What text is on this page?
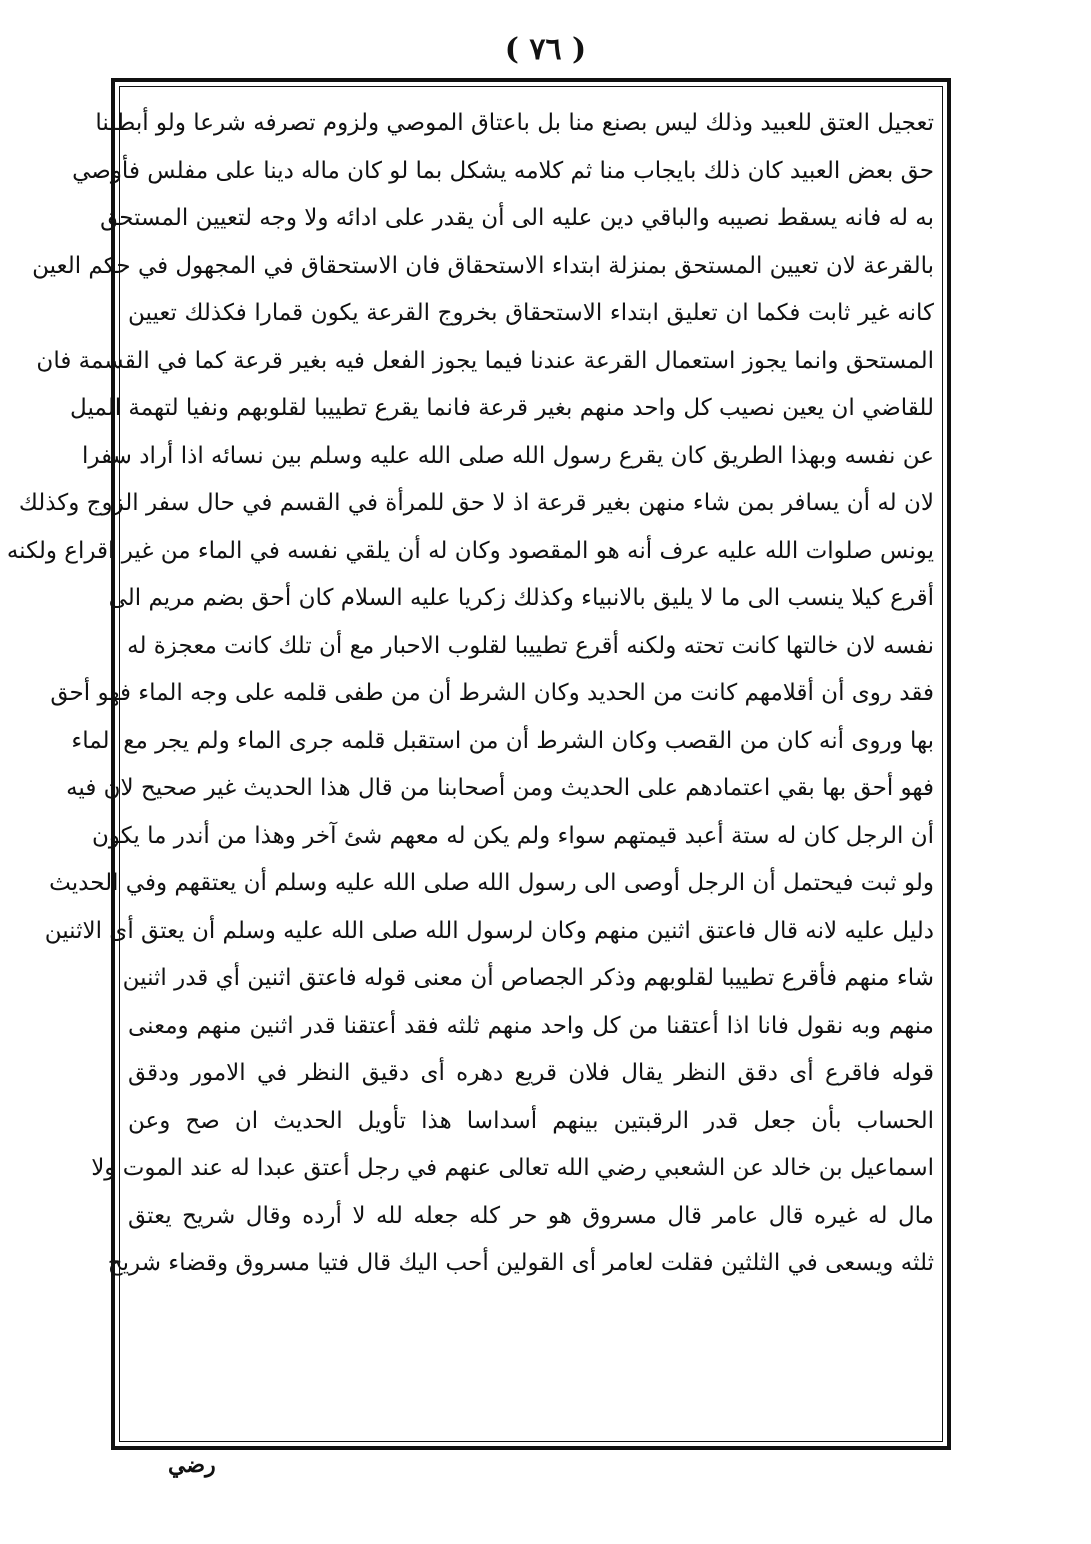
( ٧٦ )
تعجيل العتق للعبيد وذلك ليس بصنع منا بل باعتاق الموصي ولزوم تصرفه شرعا ولو أبطلنا
حق بعض العبيد كان ذلك بايجاب منا ثم كلامه يشكل بما لو كان ماله دينا على مفلس فأوصي
به له فانه يسقط نصيبه والباقي دين عليه الى أن يقدر على ادائه ولا وجه لتعيين المستحق
بالقرعة لان تعيين المستحق بمنزلة ابتداء الاستحقاق فان الاستحقاق في المجهول في حكم العين
كانه غير ثابت فكما ان تعليق ابتداء الاستحقاق بخروج القرعة يكون قمارا فكذلك تعيين
المستحق وانما يجوز استعمال القرعة عندنا فيما يجوز الفعل فيه بغير قرعة كما في القسمة فان
للقاضي ان يعين نصيب كل واحد منهم بغير قرعة فانما يقرع تطييبا لقلوبهم ونفيا لتهمة الميل
عن نفسه وبهذا الطريق كان يقرع رسول الله صلى الله عليه وسلم بين نسائه اذا أراد سفرا
لان له أن يسافر بمن شاء منهن بغير قرعة اذ لا حق للمرأة في القسم في حال سفر الزوج وكذلك
يونس صلوات الله عليه عرف أنه هو المقصود وكان له أن يلقي نفسه في الماء من غير اقراع ولكنه
أقرع كيلا ينسب الى ما لا يليق بالانبياء وكذلك زكريا عليه السلام كان أحق بضم مريم الى
نفسه لان خالتها كانت تحته ولكنه أقرع تطييبا لقلوب الاحبار مع أن تلك كانت معجزة له
فقد روى أن أقلامهم كانت من الحديد وكان الشرط أن من طفى قلمه على وجه الماء فهو أحق
بها وروى أنه كان من القصب وكان الشرط أن من استقبل قلمه جرى الماء ولم يجر مع الماء
فهو أحق بها بقي اعتمادهم على الحديث ومن أصحابنا من قال هذا الحديث غير صحيح لان فيه
أن الرجل كان له ستة أعبد قيمتهم سواء ولم يكن له معهم شئ آخر وهذا من أندر ما يكون
ولو ثبت فيحتمل أن الرجل أوصى الى رسول الله صلى الله عليه وسلم أن يعتقهم وفي الحديث
دليل عليه لانه قال فاعتق اثنين منهم وكان لرسول الله صلى الله عليه وسلم أن يعتق أى الاثنين
شاء منهم فأقرع تطييبا لقلوبهم وذكر الجصاص أن معنى قوله فاعتق اثنين أي قدر اثنين
منهم وبه نقول فانا اذا أعتقنا من كل واحد منهم ثلثه فقد أعتقنا قدر اثنين منهم ومعنى
قوله فاقرع أى دقق النظر يقال فلان قريع دهره أى دقيق النظر في الامور ودقق
الحساب بأن جعل قدر الرقبتين بينهم أسداسا هذا تأويل الحديث ان صح وعن
اسماعيل بن خالد عن الشعبي رضي الله تعالى عنهم في رجل أعتق عبدا له عند الموت ولا
مال له غيره قال عامر قال مسروق هو حر كله جعله لله لا أرده وقال شريح يعتق
ثلثه ويسعى في الثلثين فقلت لعامر أى القولين أحب اليك قال فتيا مسروق وقضاء شريح
رضي
